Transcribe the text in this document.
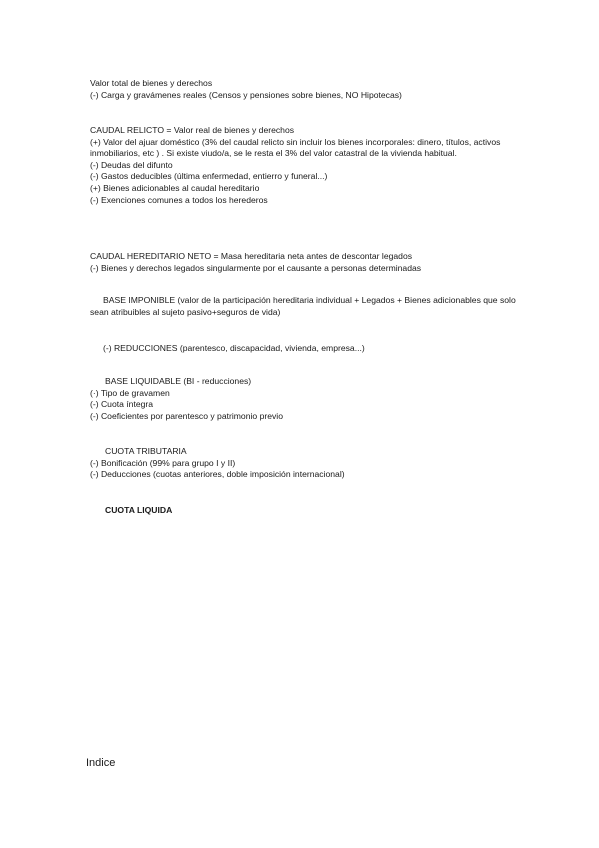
Valor total de bienes y derechos
(-) Carga y gravámenes reales (Censos y pensiones sobre bienes, NO Hipotecas)
CAUDAL RELICTO = Valor real de bienes y derechos
(+) Valor del ajuar doméstico (3% del caudal relicto sin incluir los bienes incorporales: dinero, títulos, activos inmobiliarios, etc ) . Si existe viudo/a, se le resta el 3% del valor catastral de la vivienda habitual.
(-) Deudas del difunto
(-) Gastos deducibles (última enfermedad, entierro y funeral...)
(+) Bienes adicionables al caudal hereditario
(-) Exenciones comunes a todos los herederos
CAUDAL HEREDITARIO NETO = Masa hereditaria neta antes de descontar legados
(-) Bienes y derechos legados singularmente por el causante a personas determinadas
BASE IMPONIBLE (valor de la participación hereditaria individual + Legados + Bienes adicionables que solo sean atribuibles al sujeto pasivo+seguros de vida)
(-) REDUCCIONES (parentesco, discapacidad, vivienda, empresa...)
BASE LIQUIDABLE (BI - reducciones)
(·) Tipo de gravamen
(-) Cuota íntegra
(-) Coeficientes por parentesco y patrimonio previo
CUOTA TRIBUTARIA
(-) Bonificación (99% para grupo I y II)
(-) Deducciones (cuotas anteriores, doble imposición internacional)
CUOTA LIQUIDA
Indice
